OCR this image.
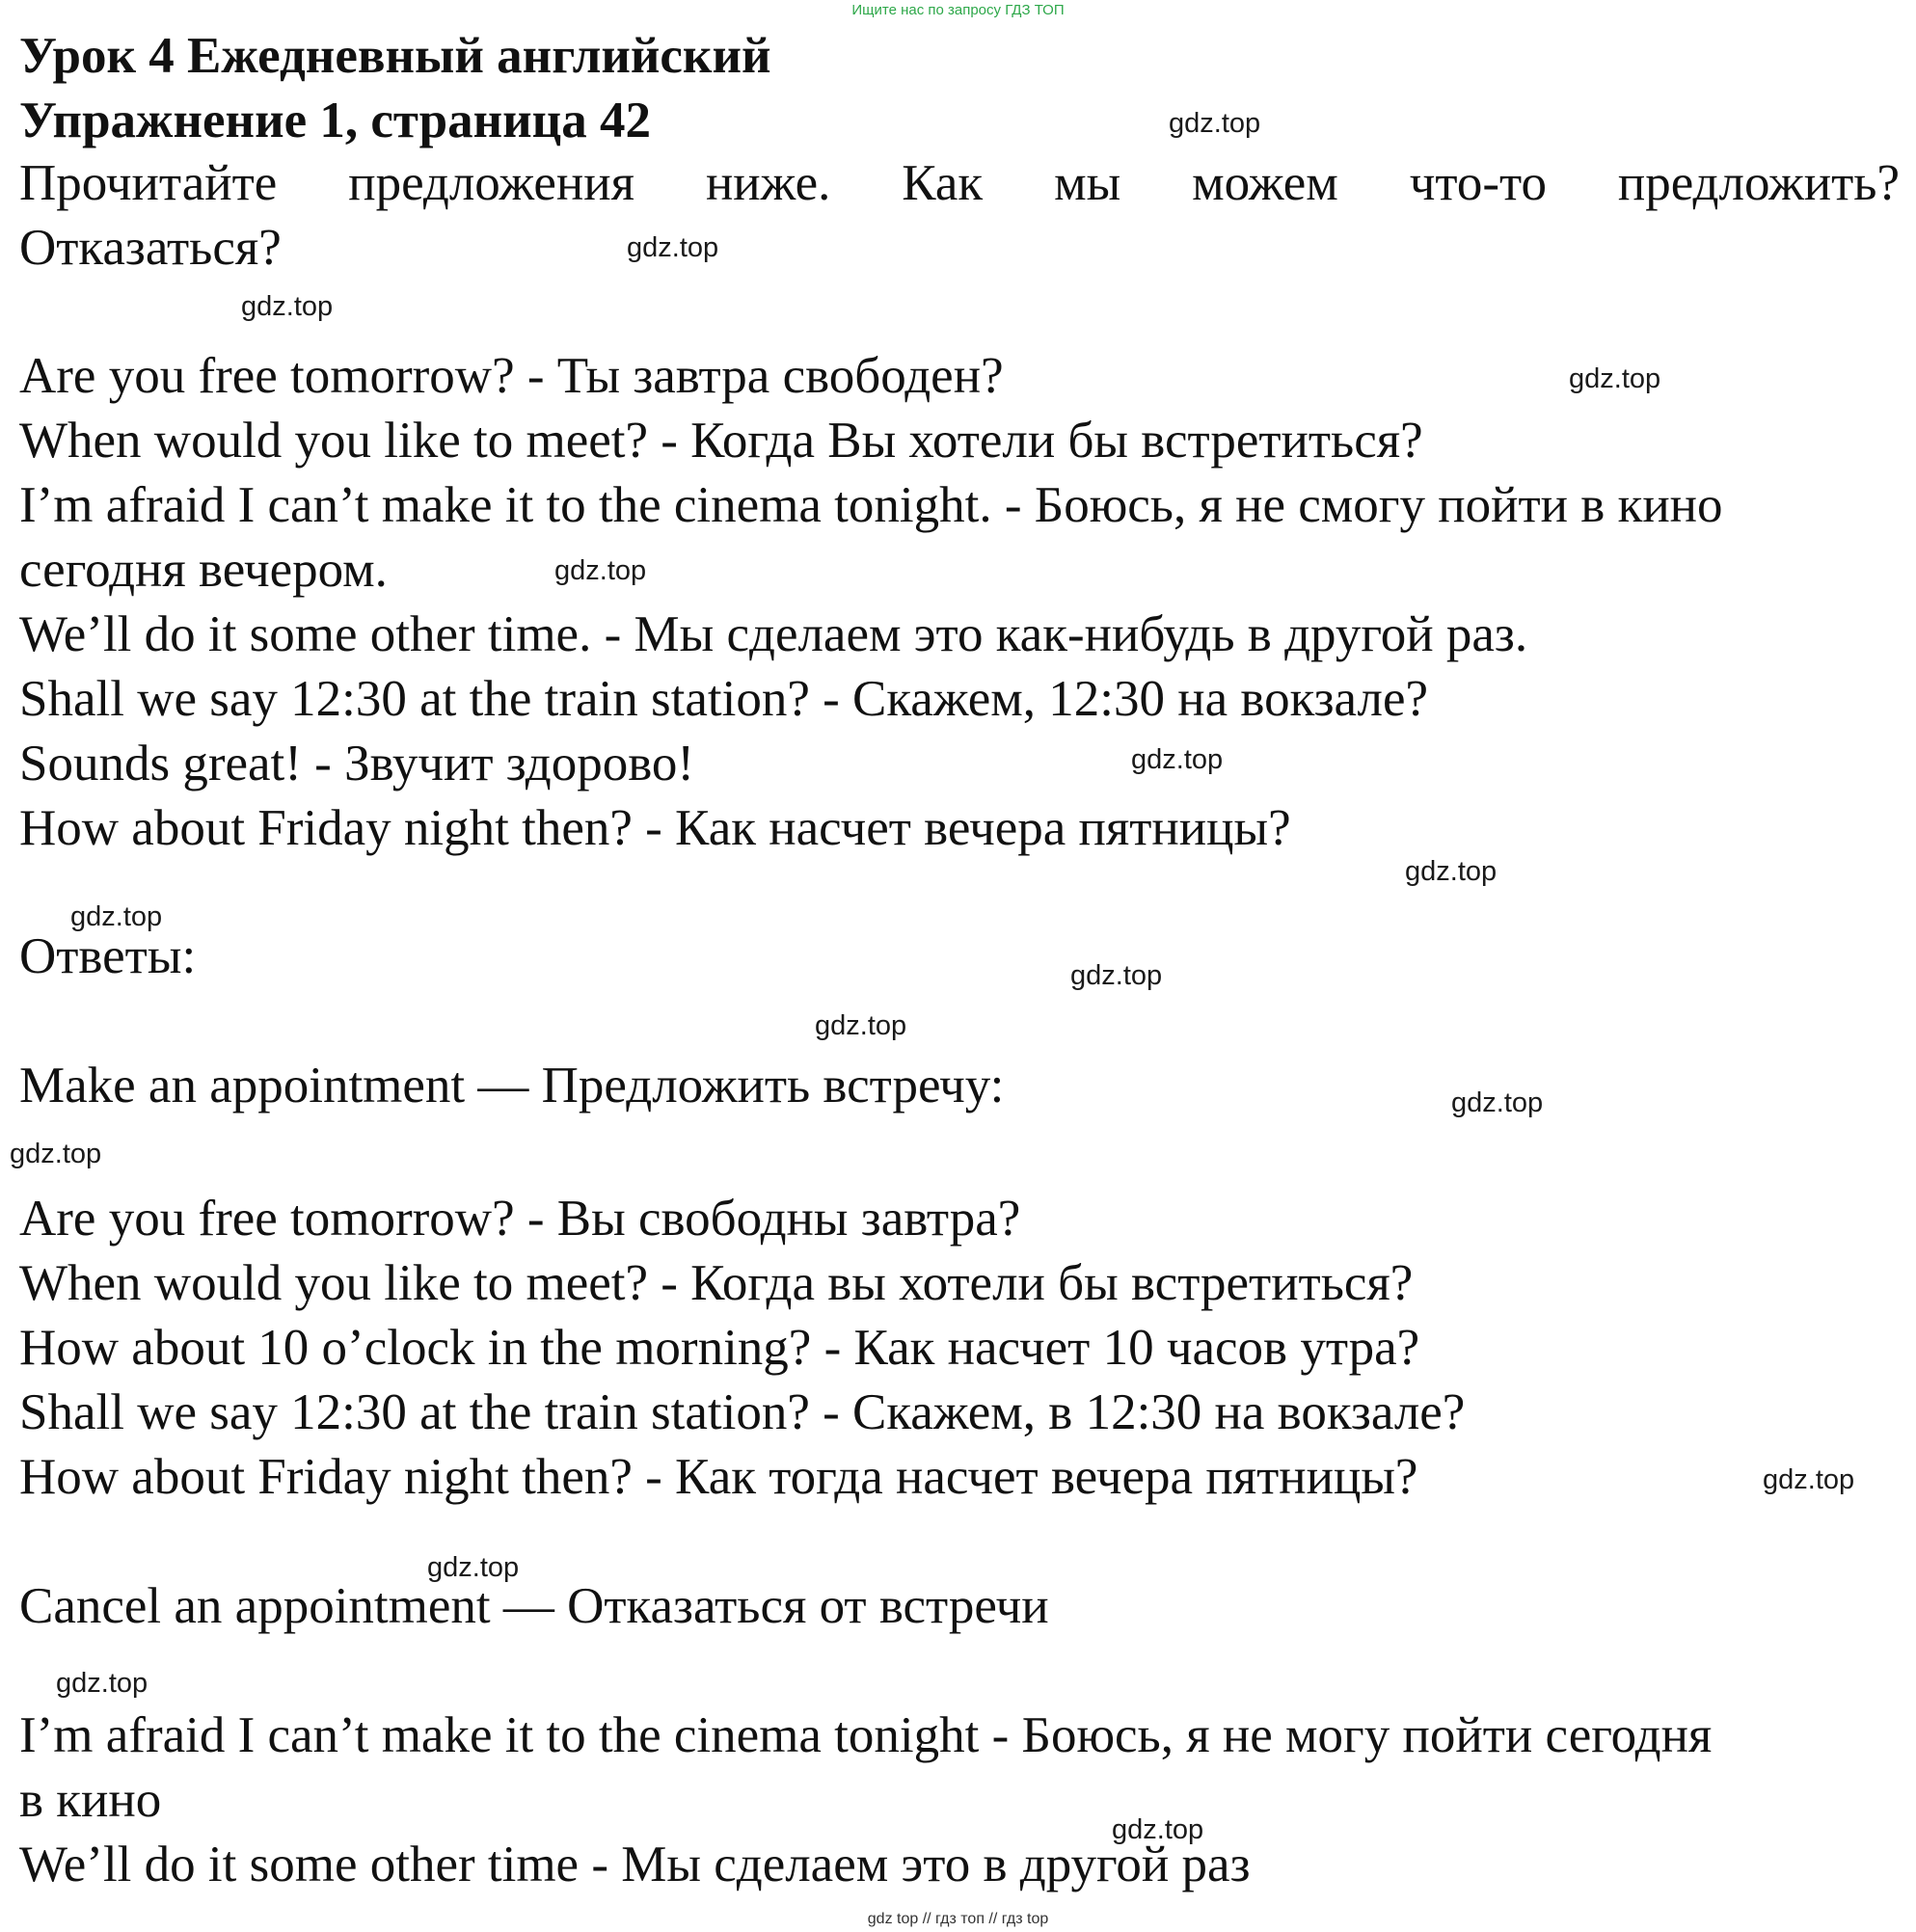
Ищите нас по запросу ГДЗ ТОП
Урок 4 Ежедневный английский
Упражнение 1, страница 42
Прочитайте предложения ниже. Как мы можем что-то предложить?
Отказаться?
Are you free tomorrow? - Ты завтра свободен?
When would you like to meet? - Когда Вы хотели бы встретиться?
I’m afraid I can’t make it to the cinema tonight. - Боюсь, я не смогу пойти в кино
сегодня вечером.
We’ll do it some other time. - Мы сделаем это как-нибудь в другой раз.
Shall we say 12:30 at the train station? - Скажем, 12:30 на вокзале?
Sounds great! - Звучит здорово!
How about Friday night then? - Как насчет вечера пятницы?
Ответы:
Make an appointment — Предложить встречу:
Are you free tomorrow? - Вы свободны завтра?
When would you like to meet? - Когда вы хотели бы встретиться?
How about 10 o’clock in the morning? - Как насчет 10 часов утра?
Shall we say 12:30 at the train station? - Скажем, в 12:30 на вокзале?
How about Friday night then? - Как тогда насчет вечера пятницы?
Cancel an appointment — Отказаться от встречи
I’m afraid I can’t make it to the cinema tonight - Боюсь, я не могу пойти сегодня
в кино
We’ll do it some other time - Мы сделаем это в другой раз
gdz.top
gdz.top
gdz.top
gdz.top
gdz.top
gdz.top
gdz.top
gdz.top
gdz.top
gdz.top
gdz.top
gdz.top
gdz.top
gdz.top
gdz.top
gdz.top
gdz top // гдз топ // гдз top
